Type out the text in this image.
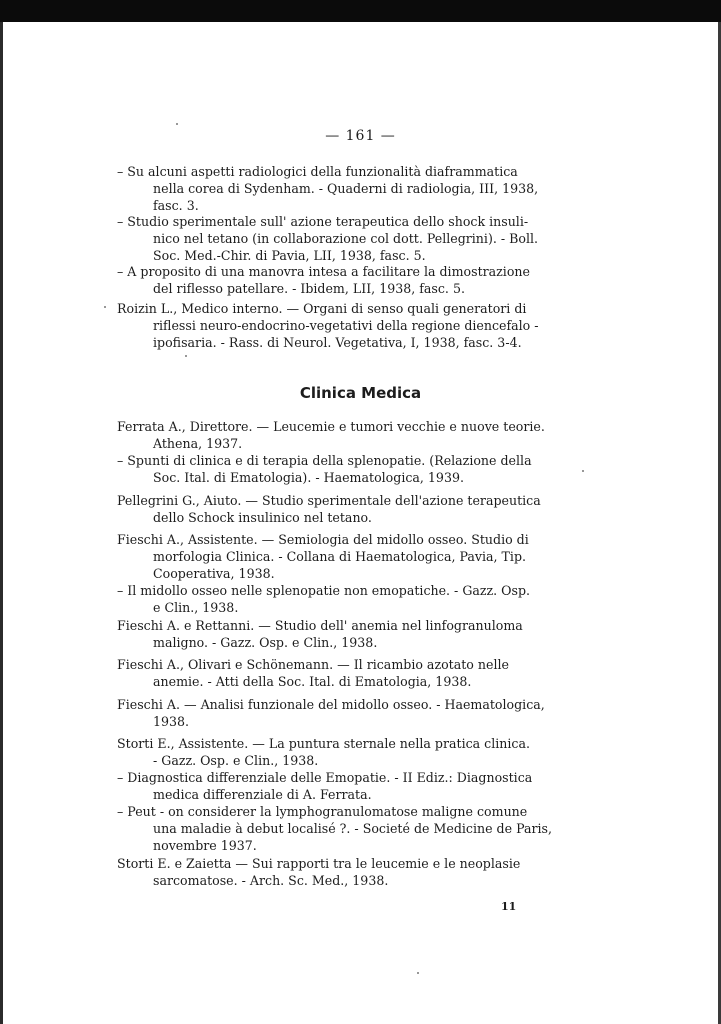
— 161 —
– Su alcuni aspetti radiologici della funzionalità diaframmatica
nella corea di Sydenham. - Quaderni di radiologia, III, 1938,
fasc. 3.
– Studio sperimentale sull' azione terapeutica dello shock insuli-
nico nel tetano (in collaborazione col dott. Pellegrini). - Boll.
Soc. Med.-Chir. di Pavia, LII, 1938, fasc. 5.
– A proposito di una manovra intesa a facilitare la dimostrazione
del riflesso patellare. - Ibidem, LII, 1938, fasc. 5.
Roizin L., Medico interno. — Organi di senso quali generatori di
riflessi neuro-endocrino-vegetativi della regione diencefalo -
ipofisaria. - Rass. di Neurol. Vegetativa, I, 1938, fasc. 3-4.
Clinica Medica
Ferrata A., Direttore. — Leucemie e tumori vecchie e nuove teorie.
Athena, 1937.
– Spunti di clinica e di terapia della splenopatie. (Relazione della
Soc. Ital. di Ematologia). - Haematologica, 1939.
Pellegrini G., Aiuto. — Studio sperimentale dell'azione terapeutica
dello Schock insulinico nel tetano.
Fieschi A., Assistente. — Semiologia del midollo osseo. Studio di
morfologia Clinica. - Collana di Haematologica, Pavia, Tip.
Cooperativa, 1938.
– Il midollo osseo nelle splenopatie non emopatiche. - Gazz. Osp.
e Clin., 1938.
Fieschi A. e Rettanni. — Studio dell' anemia nel linfogranuloma
maligno. - Gazz. Osp. e Clin., 1938.
Fieschi A., Olivari e Schönemann. — Il ricambio azotato nelle
anemie. - Atti della Soc. Ital. di Ematologia, 1938.
Fieschi A. — Analisi funzionale del midollo osseo. - Haematologica,
1938.
Storti E., Assistente. — La puntura sternale nella pratica clinica.
- Gazz. Osp. e Clin., 1938.
– Diagnostica differenziale delle Emopatie. - II Ediz.: Diagnostica
medica differenziale di A. Ferrata.
– Peut - on considerer la lymphogranulomatose maligne comune
una maladie à debut localisé ?. - Societé de Medicine de Paris,
novembre 1937.
Storti E. e Zaietta — Sui rapporti tra le leucemie e le neoplasie
sarcomatose. - Arch. Sc. Med., 1938.
11
